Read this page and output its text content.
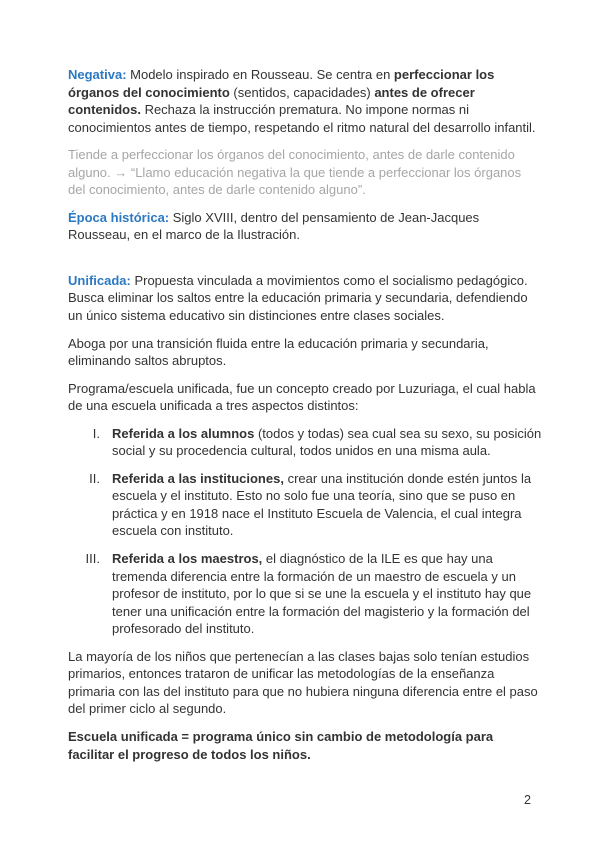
Negativa: Modelo inspirado en Rousseau. Se centra en perfeccionar los órganos del conocimiento (sentidos, capacidades) antes de ofrecer contenidos. Rechaza la instrucción prematura. No impone normas ni conocimientos antes de tiempo, respetando el ritmo natural del desarrollo infantil.

Tiende a perfeccionar los órganos del conocimiento, antes de darle contenido alguno. → “Llamo educación negativa la que tiende a perfeccionar los órganos del conocimiento, antes de darle contenido alguno”.

Época histórica: Siglo XVIII, dentro del pensamiento de Jean-Jacques Rousseau, en el marco de la Ilustración.

Unificada: Propuesta vinculada a movimientos como el socialismo pedagógico. Busca eliminar los saltos entre la educación primaria y secundaria, defendiendo un único sistema educativo sin distinciones entre clases sociales.

Aboga por una transición fluida entre la educación primaria y secundaria, eliminando saltos abruptos.

Programa/escuela unificada, fue un concepto creado por Luzuriaga, el cual habla de una escuela unificada a tres aspectos distintos:

I. Referida a los alumnos (todos y todas) sea cual sea su sexo, su posición social y su procedencia cultural, todos unidos en una misma aula.
II. Referida a las instituciones, crear una institución donde estén juntos la escuela y el instituto. Esto no solo fue una teoría, sino que se puso en práctica y en 1918 nace el Instituto Escuela de Valencia, el cual integra escuela con instituto.
III. Referida a los maestros, el diagnóstico de la ILE es que hay una tremenda diferencia entre la formación de un maestro de escuela y un profesor de instituto, por lo que si se une la escuela y el instituto hay que tener una unificación entre la formación del magisterio y la formación del profesorado del instituto.

La mayoría de los niños que pertenecían a las clases bajas solo tenían estudios primarios, entonces trataron de unificar las metodologías de la enseñanza primaria con las del instituto para que no hubiera ninguna diferencia entre el paso del primer ciclo al segundo.

Escuela unificada = programa único sin cambio de metodología para facilitar el progreso de todos los niños.

2
